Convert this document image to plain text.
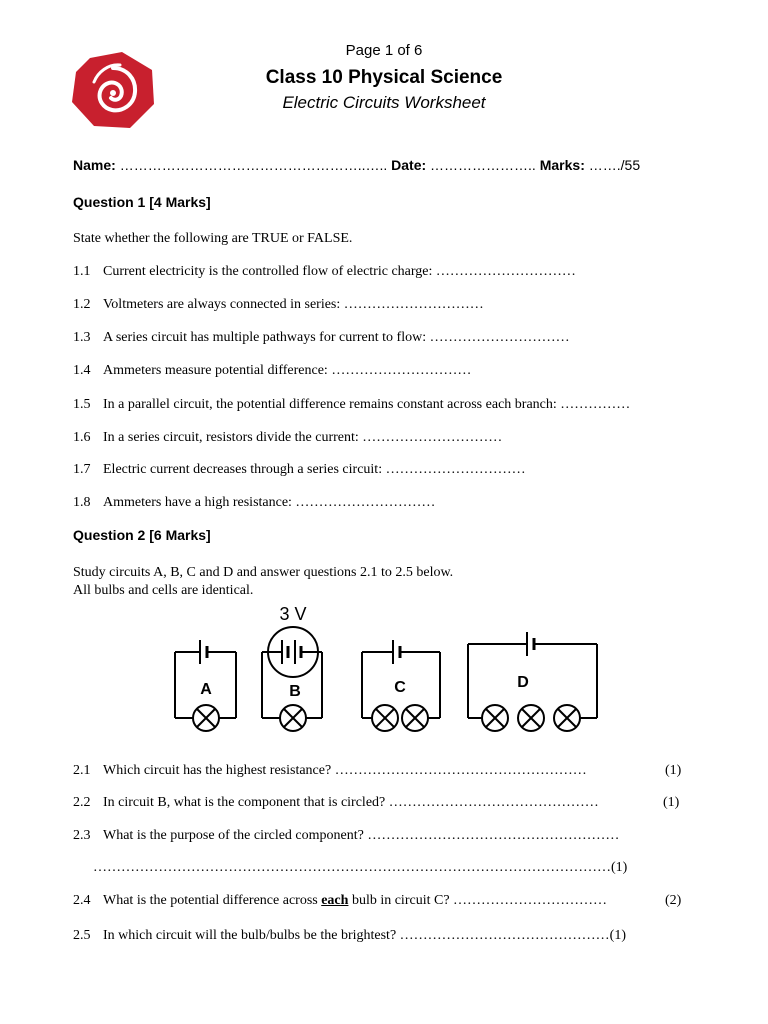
Page 1 of 6
Class 10 Physical Science
Electric Circuits Worksheet
Name: ……………………………………………..….. Date: ………………….. Marks: ……./55
Question 1 [4 Marks]
State whether the following are TRUE or FALSE.
1.1 Current electricity is the controlled flow of electric charge: …………………………
1.2 Voltmeters are always connected in series: …………………………
1.3 A series circuit has multiple pathways for current to flow: …………………………
1.4 Ammeters measure potential difference: …………………………
1.5 In a parallel circuit, the potential difference remains constant across each branch: ……………
1.6 In a series circuit, resistors divide the current: …………………………
1.7 Electric current decreases through a series circuit: …………………………
1.8 Ammeters have a high resistance: …………………………
Question 2 [6 Marks]
Study circuits A, B, C and D and answer questions 2.1 to 2.5 below.
All bulbs and cells are identical.
3 V
A	B	C	D
2.1 Which circuit has the highest resistance? ………………………………………………	(1)
2.2 In circuit B, what is the component that is circled? ………………………………………	(1)
2.3 What is the purpose of the circled component? ………………………………………………
…………………………………………………………………………………………………(1)
2.4 What is the potential difference across each bulb in circuit C? ……………………………	(2)
2.5 In which circuit will the bulb/bulbs be the brightest? ………………………………………(1)
